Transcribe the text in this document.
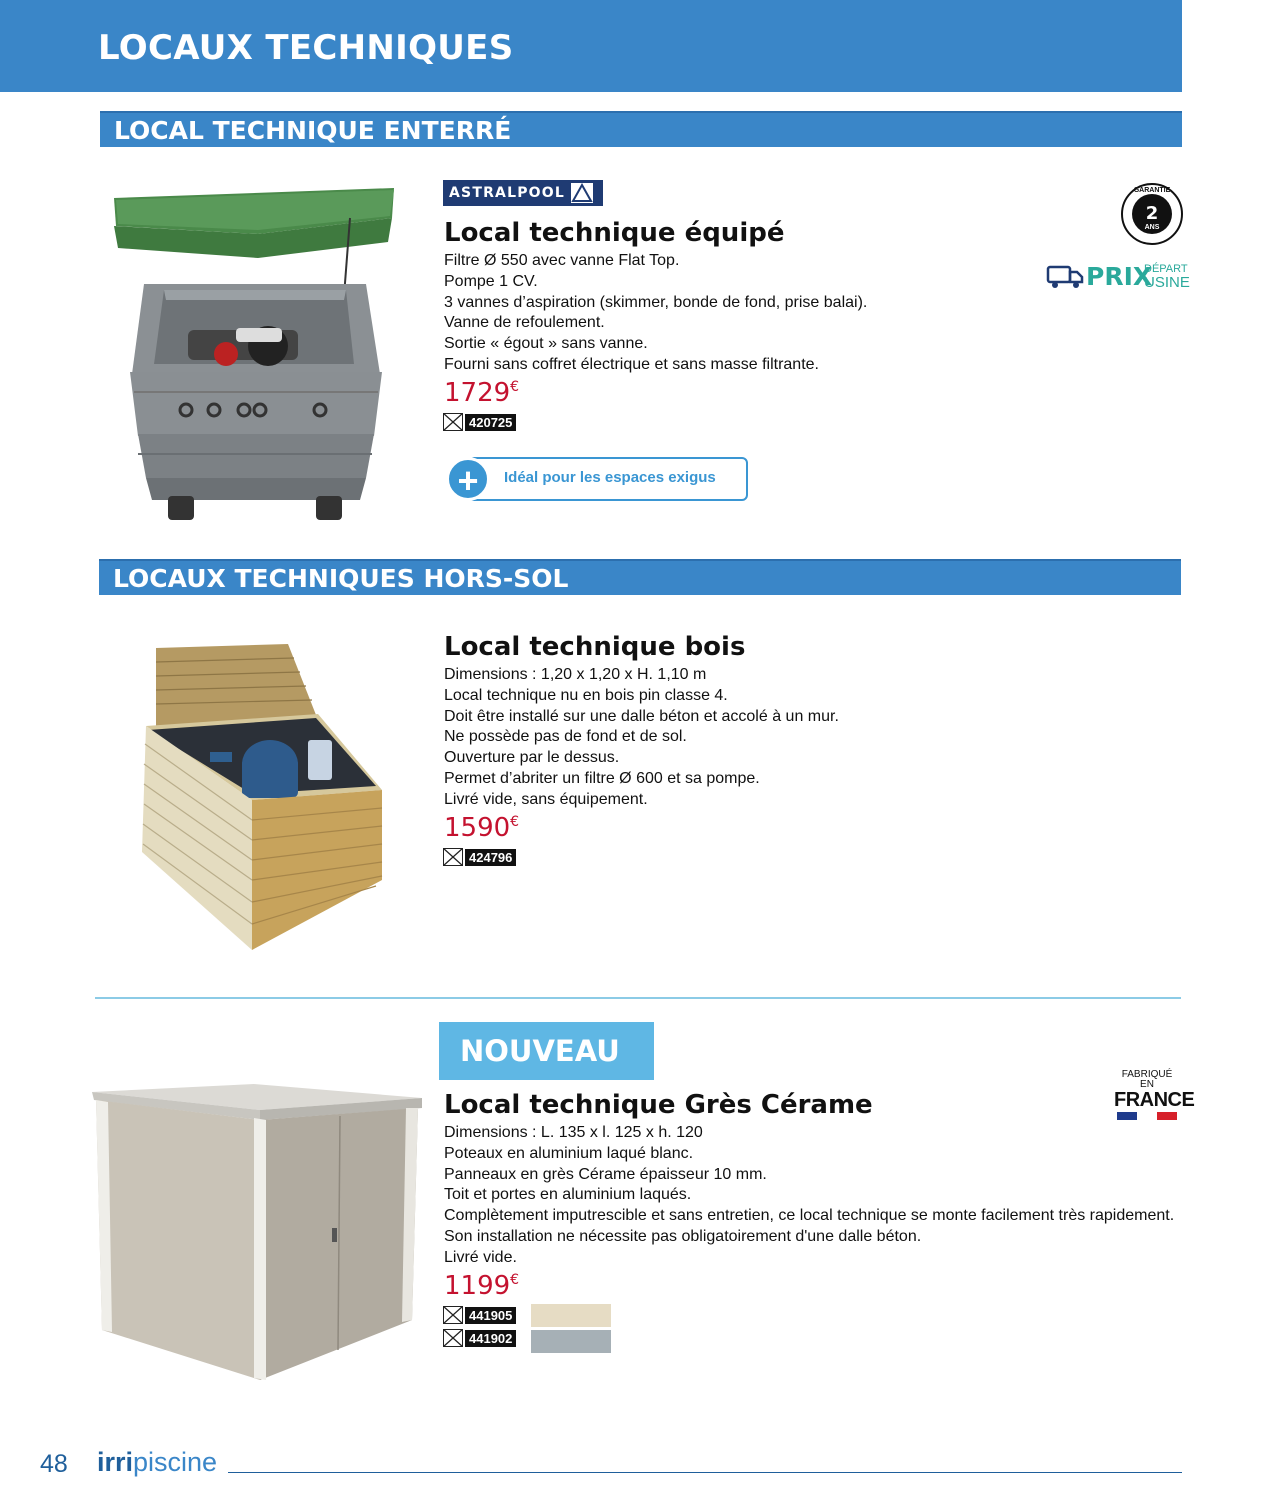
LOCAUX TECHNIQUES
LOCAL TECHNIQUE ENTERRÉ
ASTRALPOOL
Local technique équipé
Filtre Ø 550 avec vanne Flat Top.
Pompe 1 CV.
3 vannes d’aspiration (skimmer, bonde de fond, prise balai).
Vanne de refoulement.
Sortie « égout » sans vanne.
Fourni sans coffret électrique et sans masse filtrante.
1729€
420725
+	Idéal pour les espaces exigus
GARANTIE
2
ANS
PRIX
DÉPART
USINE
LOCAUX TECHNIQUES HORS-SOL
Local technique bois
Dimensions : 1,20 x 1,20 x H. 1,10 m
Local technique nu en bois pin classe 4.
Doit être installé sur une dalle béton et accolé à un mur.
Ne possède pas de fond et de sol.
Ouverture par le dessus.
Permet d’abriter un filtre Ø 600 et sa pompe.
Livré vide, sans équipement.
1590€
424796
NOUVEAU
FABRIQUÉ EN
FRANCE
Local technique Grès Cérame
Dimensions : L. 135 x l. 125 x h. 120
Poteaux en aluminium laqué blanc.
Panneaux en grès Cérame épaisseur 10 mm.
Toit et portes en aluminium laqués.
Complètement imputrescible et sans entretien, ce local technique se monte facilement très rapidement.
Son installation ne nécessite pas obligatoirement d'une dalle béton.
Livré vide.
1199€
441905
441902
48 irripiscine
